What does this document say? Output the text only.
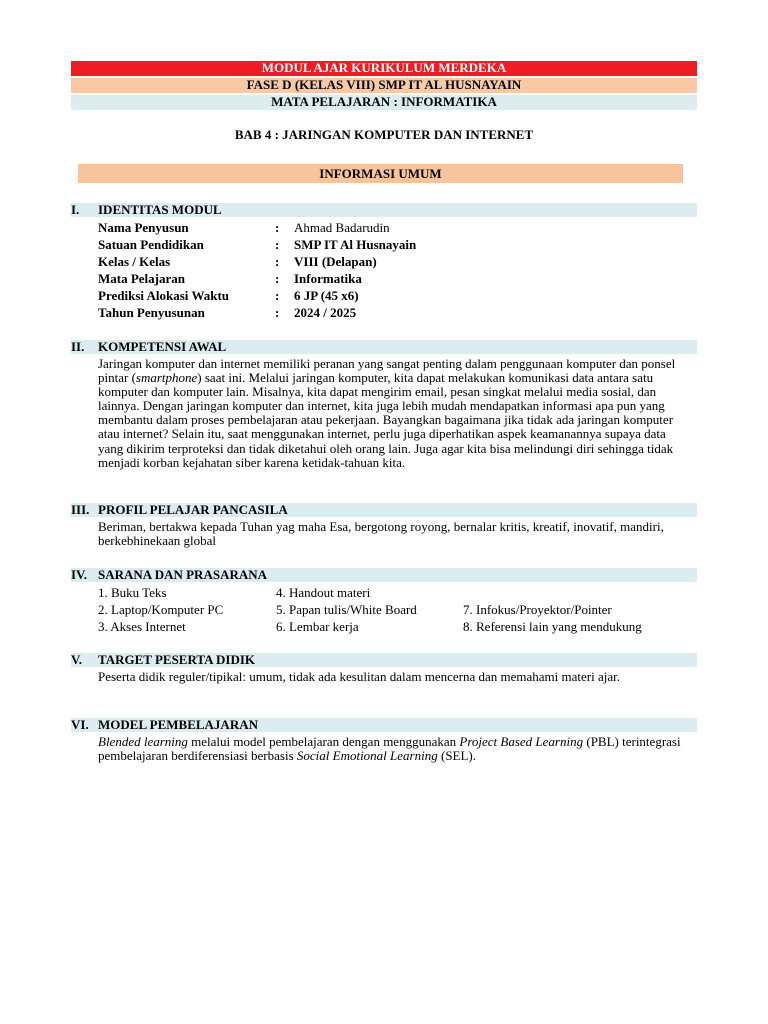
MODUL AJAR KURIKULUM MERDEKA
FASE D (KELAS VIII) SMP IT AL HUSNAYAIN
MATA PELAJARAN : INFORMATIKA
BAB 4 : JARINGAN KOMPUTER DAN INTERNET
INFORMASI UMUM
I. IDENTITAS MODUL
Nama Penyusun	: Ahmad Badarudin
Satuan Pendidikan	: SMP IT Al Husnayain
Kelas / Kelas	: VIII (Delapan)
Mata Pelajaran	: Informatika
Prediksi Alokasi Waktu	: 6 JP (45 x6)
Tahun Penyusunan	: 2024 / 2025
II. KOMPETENSI AWAL
Jaringan komputer dan internet memiliki peranan yang sangat penting dalam penggunaan komputer dan ponsel pintar (smartphone) saat ini. Melalui jaringan komputer, kita dapat melakukan komunikasi data antara satu komputer dan komputer lain. Misalnya, kita dapat mengirim email, pesan singkat melalui media sosial, dan lainnya. Dengan jaringan komputer dan internet, kita juga lebih mudah mendapatkan informasi apa pun yang membantu dalam proses pembelajaran atau pekerjaan. Bayangkan bagaimana jika tidak ada jaringan komputer atau internet? Selain itu, saat menggunakan internet, perlu juga diperhatikan aspek keamanannya supaya data yang dikirim terproteksi dan tidak diketahui oleh orang lain. Juga agar kita bisa melindungi diri sehingga tidak menjadi korban kejahatan siber karena ketidak-tahuan kita.
III. PROFIL PELAJAR PANCASILA
Beriman, bertakwa kepada Tuhan yag maha Esa, bergotong royong, bernalar kritis, kreatif, inovatif, mandiri, berkebhinekaan global
IV. SARANA DAN PRASARANA
1. Buku Teks	4. Handout materi
2. Laptop/Komputer PC	5. Papan tulis/White Board	7. Infokus/Proyektor/Pointer
3. Akses Internet	6. Lembar kerja	8. Referensi lain yang mendukung
V. TARGET PESERTA DIDIK
Peserta didik reguler/tipikal: umum, tidak ada kesulitan dalam mencerna dan memahami materi ajar.
VI. MODEL PEMBELAJARAN
Blended learning melalui model pembelajaran dengan menggunakan Project Based Learning (PBL) terintegrasi pembelajaran berdiferensiasi berbasis Social Emotional Learning (SEL).
